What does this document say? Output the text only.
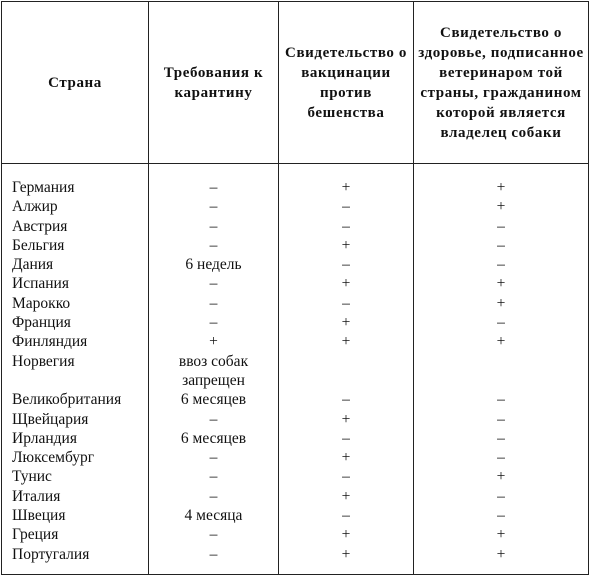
Страна	Требования к карантину	Свидетельство о вакцинации против бешенства	Свидетельство о здоровье, подписанное ветеринаром той страны, гражданином которой является владелец собаки
Германия	–	+	+
Алжир	–	–	+
Австрия	–	–	–
Бельгия	–	+	–
Дания	6 недель	–	–
Испания	–	+	+
Марокко	–	–	+
Франция	–	+	–
Финляндия	+	+	+
Норвегия	ввоз собак запрещен		

Великобритания	6 месяцев	–	–
Щвейцария	–	+	–
Ирландия	6 месяцев	–	–
Люксембург	–	+	–
Тунис	–	–	+
Италия	–	+	–
Швеция	4 месяца	–	–
Греция	–	+	+
Португалия	–	+	+
